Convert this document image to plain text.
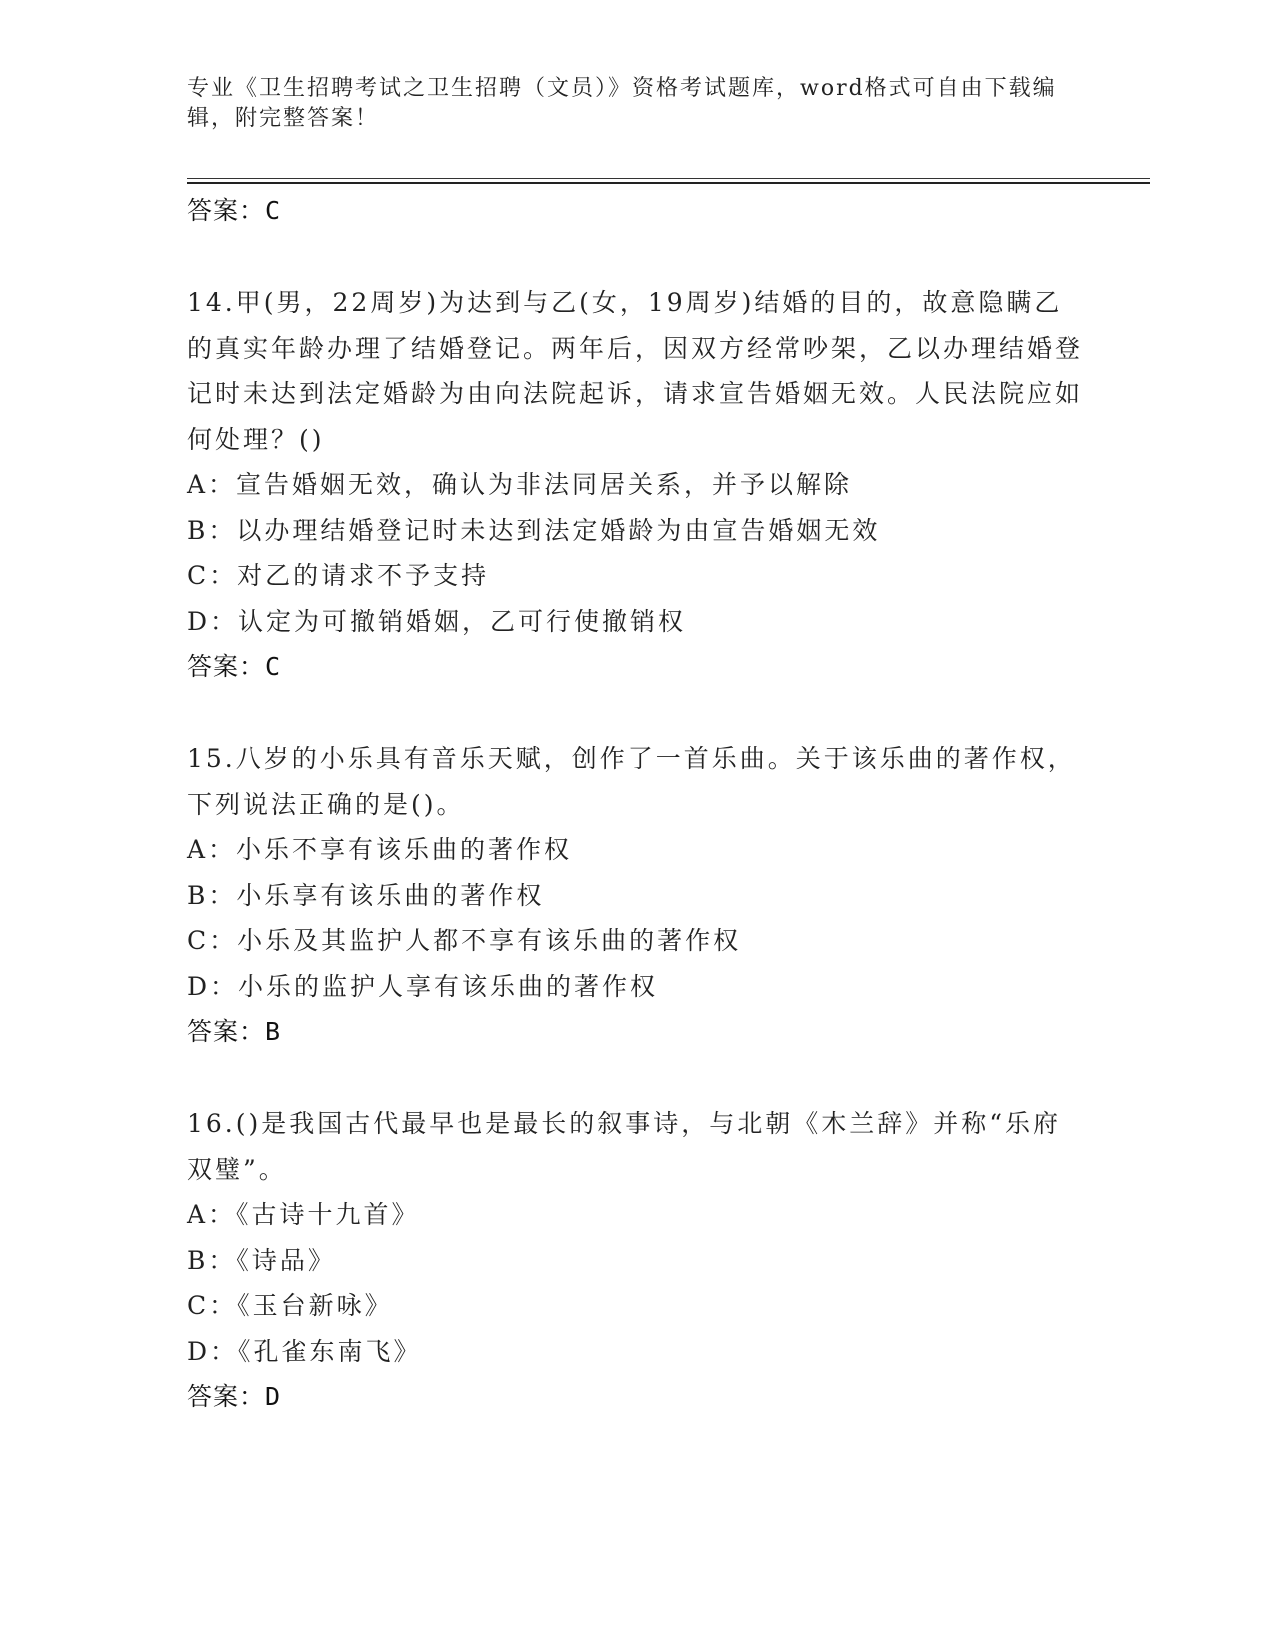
专业《卫生招聘考试之卫生招聘（文员）》资格考试题库，word格式可自由下载编辑，附完整答案！
答案：C
14.甲(男，22周岁)为达到与乙(女，19周岁)结婚的目的，故意隐瞒乙的真实年龄办理了结婚登记。两年后，因双方经常吵架，乙以办理结婚登记时未达到法定婚龄为由向法院起诉，请求宣告婚姻无效。人民法院应如何处理？()
A：宣告婚姻无效，确认为非法同居关系，并予以解除
B：以办理结婚登记时未达到法定婚龄为由宣告婚姻无效
C：对乙的请求不予支持
D：认定为可撤销婚姻，乙可行使撤销权
答案：C
15.八岁的小乐具有音乐天赋，创作了一首乐曲。关于该乐曲的著作权，下列说法正确的是()。
A：小乐不享有该乐曲的著作权
B：小乐享有该乐曲的著作权
C：小乐及其监护人都不享有该乐曲的著作权
D：小乐的监护人享有该乐曲的著作权
答案：B
16.()是我国古代最早也是最长的叙事诗，与北朝《木兰辞》并称“乐府双璧”。
A：《古诗十九首》
B：《诗品》
C：《玉台新咏》
D：《孔雀东南飞》
答案：D
